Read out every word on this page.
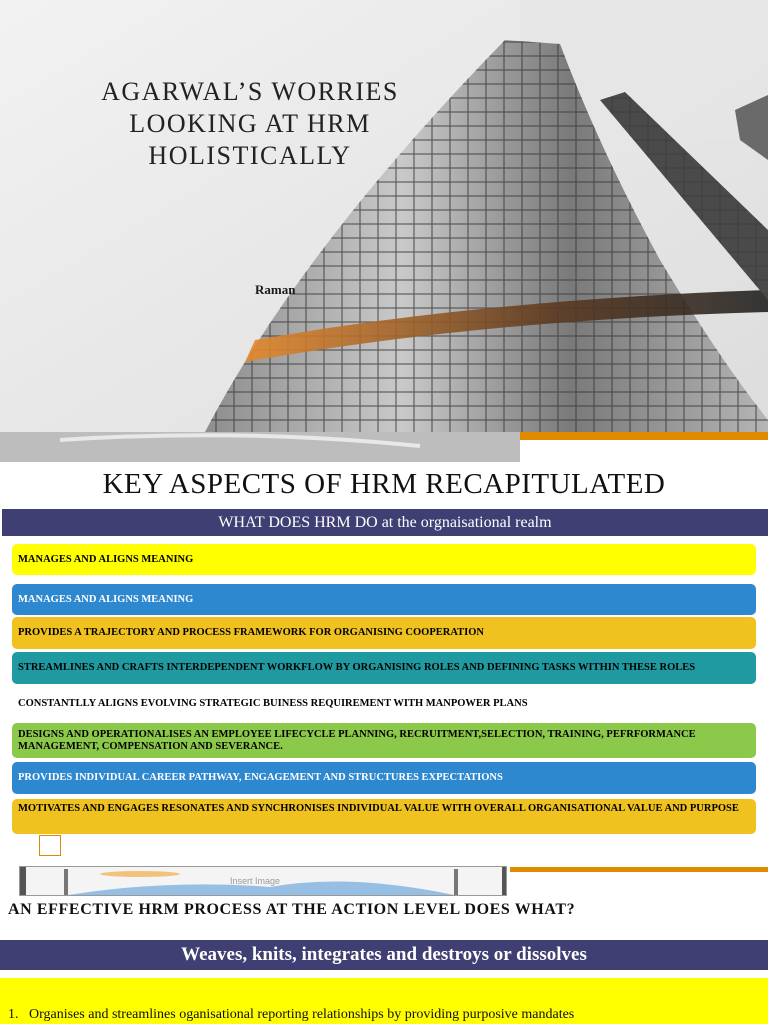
AGARWAL’S WORRIES
LOOKING AT HRM
HOLISTICALLY
Raman
KEY ASPECTS OF HRM RECAPITULATED
WHAT DOES HRM DO at the orgnaisational realm
MANAGES AND ALIGNS MEANING
MANAGES AND ALIGNS MEANING
PROVIDES A TRAJECTORY AND PROCESS FRAMEWORK FOR ORGANISING COOPERATION
STREAMLINES AND CRAFTS INTERDEPENDENT WORKFLOW BY ORGANISING ROLES AND DEFINING TASKS WITHIN THESE ROLES
CONSTANTLLY ALIGNS EVOLVING STRATEGIC BUINESS REQUIREMENT WITH MANPOWER PLANS
DESIGNS AND OPERATIONALISES AN EMPLOYEE LIFECYCLE PLANNING, RECRUITMENT,SELECTION, TRAINING, PEFRFORMANCE MANAGEMENT, COMPENSATION AND SEVERANCE.
PROVIDES INDIVIDUAL CAREER PATHWAY, ENGAGEMENT AND STRUCTURES EXPECTATIONS
MOTIVATES AND ENGAGES RESONATES AND SYNCHRONISES INDIVIDUAL VALUE WITH OVERALL ORGANISATIONAL VALUE AND PURPOSE
Insert Image
AN EFFECTIVE HRM PROCESS AT THE ACTION LEVEL DOES WHAT?
Weaves, knits, integrates and destroys or dissolves
1.   Organises and streamlines oganisational reporting relationships by providing purposive mandates
